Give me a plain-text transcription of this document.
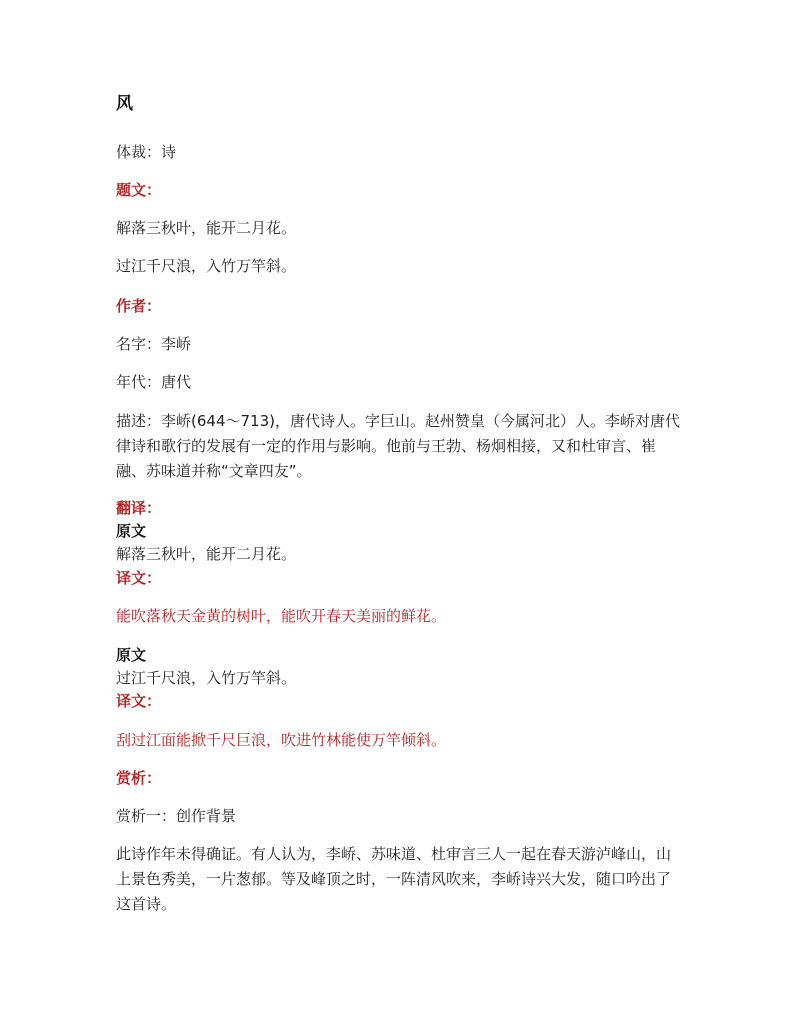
风
体裁：诗
题文：
解落三秋叶，能开二月花。
过江千尺浪，入竹万竿斜。
作者：
名字：李峤
年代：唐代
描述：李峤(644～713)，唐代诗人。字巨山。赵州赞皇（今属河北）人。李峤对唐代律诗和歌行的发展有一定的作用与影响。他前与王勃、杨炯相接，又和杜审言、崔融、苏味道并称“文章四友”。
翻译：
原文
解落三秋叶，能开二月花。
译文：
能吹落秋天金黄的树叶，能吹开春天美丽的鲜花。
原文
过江千尺浪，入竹万竿斜。
译文：
刮过江面能掀千尺巨浪，吹进竹林能使万竿倾斜。
赏析：
赏析一：创作背景
此诗作年未得确证。有人认为，李峤、苏味道、杜审言三人一起在春天游泸峰山，山上景色秀美，一片葱郁。等及峰顶之时，一阵清风吹来，李峤诗兴大发，随口吟出了这首诗。
